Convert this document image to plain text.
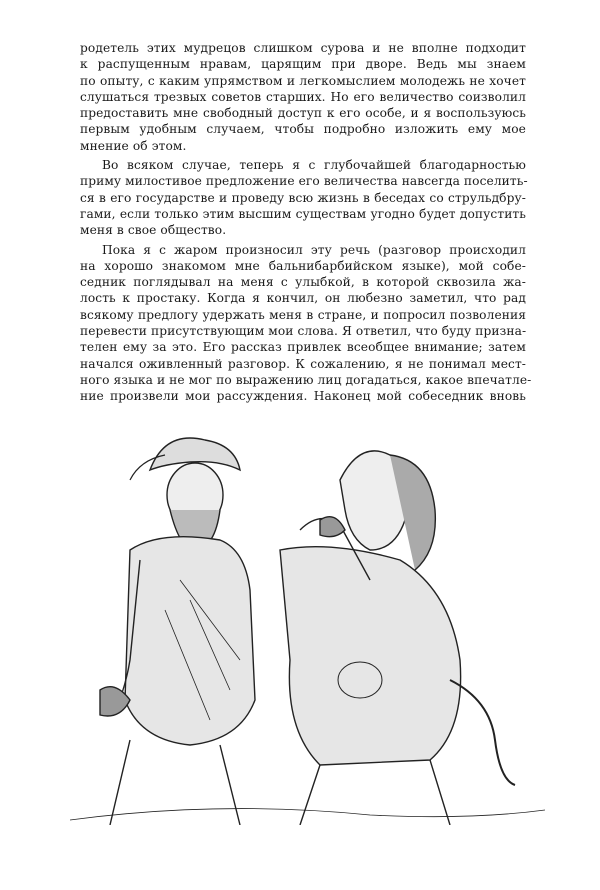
родетель этих мудрецов слишком сурова и не вполне подходит
к распущенным нравам, царящим при дворе. Ведь мы знаем
по опыту, с каким упрямством и легкомыслием молодежь не хочет
слушаться трезвых советов старших. Но его величество соизволил
предоставить мне свободный доступ к его особе, и я воспользуюсь
первым удобным случаем, чтобы подробно изложить ему мое
мнение об этом.
Во всяком случае, теперь я с глубочайшей благодарностью
приму милостивое предложение его величества навсегда поселить-
ся в его государстве и проведу всю жизнь в беседах со струльдбру-
гами, если только этим высшим существам угодно будет допустить
меня в свое общество.
Пока я с жаром произносил эту речь (разговор происходил
на хорошо знакомом мне бальнибарбийском языке), мой собе-
седник поглядывал на меня с улыбкой, в которой сквозила жа-
лость к простаку. Когда я кончил, он любезно заметил, что рад
всякому предлогу удержать меня в стране, и попросил позволения
перевести присутствующим мои слова. Я ответил, что буду призна-
телен ему за это. Его рассказ привлек всеобщее внимание; затем
начался оживленный разговор. К сожалению, я не понимал мест-
ного языка и не мог по выражению лиц догадаться, какое впечатле-
ние произвели мои рассуждения. Наконец мой собеседник вновь
